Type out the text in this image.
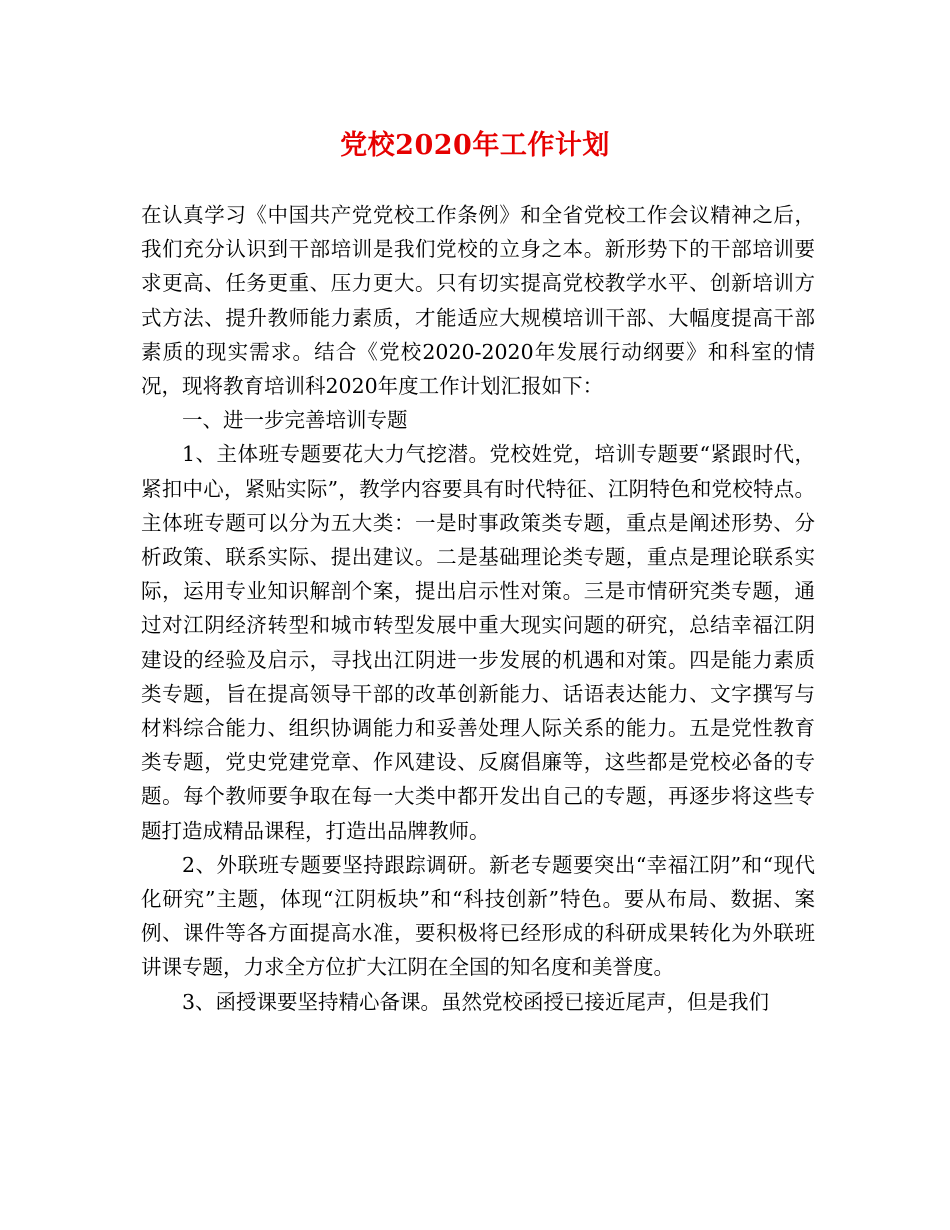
党校2020年工作计划

在认真学习《中国共产党党校工作条例》和全省党校工作会议精神之后，我们充分认识到干部培训是我们党校的立身之本。新形势下的干部培训要求更高、任务更重、压力更大。只有切实提高党校教学水平、创新培训方式方法、提升教师能力素质，才能适应大规模培训干部、大幅度提高干部素质的现实需求。结合《党校2020-2020年发展行动纲要》和科室的情况，现将教育培训科2020年度工作计划汇报如下：

一、进一步完善培训专题

1、主体班专题要花大力气挖潜。党校姓党，培训专题要“紧跟时代，紧扣中心，紧贴实际”，教学内容要具有时代特征、江阴特色和党校特点。主体班专题可以分为五大类：一是时事政策类专题，重点是阐述形势、分析政策、联系实际、提出建议。二是基础理论类专题，重点是理论联系实际，运用专业知识解剖个案，提出启示性对策。三是市情研究类专题，通过对江阴经济转型和城市转型发展中重大现实问题的研究，总结幸福江阴建设的经验及启示，寻找出江阴进一步发展的机遇和对策。四是能力素质类专题，旨在提高领导干部的改革创新能力、话语表达能力、文字撰写与材料综合能力、组织协调能力和妥善处理人际关系的能力。五是党性教育类专题，党史党建党章、作风建设、反腐倡廉等，这些都是党校必备的专题。每个教师要争取在每一大类中都开发出自己的专题，再逐步将这些专题打造成精品课程，打造出品牌教师。

2、外联班专题要坚持跟踪调研。新老专题要突出“幸福江阴”和“现代化研究”主题，体现“江阴板块”和“科技创新”特色。要从布局、数据、案例、课件等各方面提高水准，要积极将已经形成的科研成果转化为外联班讲课专题，力求全方位扩大江阴在全国的知名度和美誉度。

3、函授课要坚持精心备课。虽然党校函授已接近尾声，但是我们
